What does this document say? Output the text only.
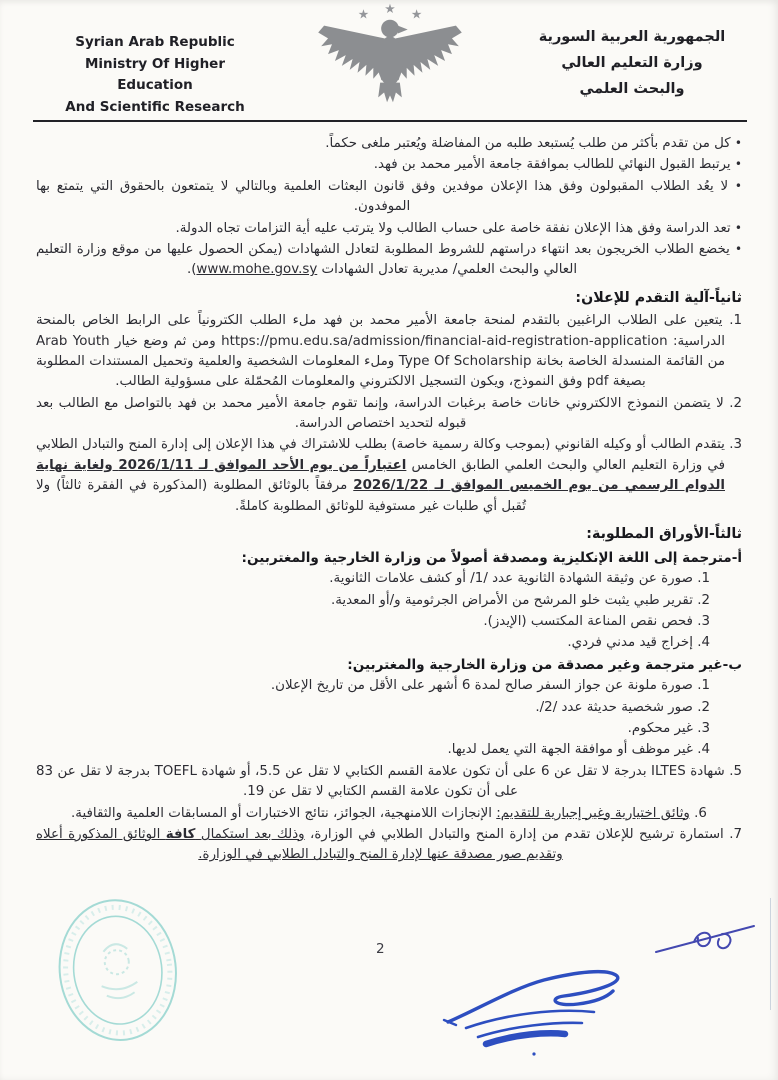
Syrian Arab Republic
Ministry Of Higher Education
And Scientific Research
★ ★ ★
الجمهورية العربية السورية
وزارة التعليم العالي
والبحث العلمي
• كل من تقدم بأكثر من طلب يُستبعد طلبه من المفاضلة ويُعتبر ملغى حكماً.
• يرتبط القبول النهائي للطالب بموافقة جامعة الأمير محمد بن فهد.
• لا يعُد الطلاب المقبولون وفق هذا الإعلان موفدين وفق قانون البعثات العلمية وبالتالي لا يتمتعون بالحقوق التي يتمتع بها الموفدون.
• تعد الدراسة وفق هذا الإعلان نفقة خاصة على حساب الطالب ولا يترتب عليه أية التزامات تجاه الدولة.
• يخضع الطلاب الخريجون بعد انتهاء دراستهم للشروط المطلوبة لتعادل الشهادات (يمكن الحصول عليها من موقع وزارة التعليم العالي والبحث العلمي/ مديرية تعادل الشهادات www.mohe.gov.sy).
ثانياً-آلية التقدم للإعلان:
1. يتعين على الطلاب الراغبين بالتقدم لمنحة جامعة الأمير محمد بن فهد ملء الطلب الكترونياً على الرابط الخاص بالمنحة الدراسية: https://pmu.edu.sa/admission/financial-aid-registration-application ومن ثم وضع خيار Arab Youth من القائمة المنسدلة الخاصة بخانة Type Of Scholarship وملء المعلومات الشخصية والعلمية وتحميل المستندات المطلوبة بصيغة pdf وفق النموذج، ويكون التسجيل الالكتروني والمعلومات المُحمّلة على مسؤولية الطالب.
2. لا يتضمن النموذج الالكتروني خانات خاصة برغبات الدراسة، وإنما تقوم جامعة الأمير محمد بن فهد بالتواصل مع الطالب بعد قبوله لتحديد اختصاص الدراسة.
3. يتقدم الطالب أو وكيله القانوني (بموجب وكالة رسمية خاصة) بطلب للاشتراك في هذا الإعلان إلى إدارة المنح والتبادل الطلابي في وزارة التعليم العالي والبحث العلمي الطابق الخامس اعتباراً من يوم الأحد الموافق لـ 2026/1/11 ولغاية نهاية الدوام الرسمي من يوم الخميس الموافق لـ 2026/1/22 مرفقاً بالوثائق المطلوبة (المذكورة في الفقرة ثالثاً) ولا تُقبل أي طلبات غير مستوفية للوثائق المطلوبة كاملةً.
ثالثاً-الأوراق المطلوبة:
أ-مترجمة إلى اللغة الإنكليزية ومصدقة أصولاً من وزارة الخارجية والمغتربين:
1. صورة عن وثيقة الشهادة الثانوية عدد /1/ أو كشف علامات الثانوية.
2. تقرير طبي يثبت خلو المرشح من الأمراض الجرثومية و/أو المعدية.
3. فحص نقص المناعة المكتسب (الإيدز).
4. إخراج قيد مدني فردي.
ب-غير مترجمة وغير مصدقة من وزارة الخارجية والمغتربين:
1. صورة ملونة عن جواز السفر صالح لمدة 6 أشهر على الأقل من تاريخ الإعلان.
2. صور شخصية حديثة عدد /2/.
3. غير محكوم.
4. غير موظف أو موافقة الجهة التي يعمل لديها.
5. شهادة ILTES بدرجة لا تقل عن 6 على أن تكون علامة القسم الكتابي لا تقل عن 5.5، أو شهادة TOEFL بدرجة لا تقل عن 83 على أن تكون علامة القسم الكتابي لا تقل عن 19.
6. وثائق اختيارية وغير إجبارية للتقديم: الإنجازات اللامنهجية، الجوائز، نتائج الاختبارات أو المسابقات العلمية والثقافية.
7. استمارة ترشيح للإعلان تقدم من إدارة المنح والتبادل الطلابي في الوزارة، وذلك بعد استكمال كافة الوثائق المذكورة أعلاه وتقديم صور مصدقة عنها لإدارة المنح والتبادل الطلابي في الوزارة.
2
